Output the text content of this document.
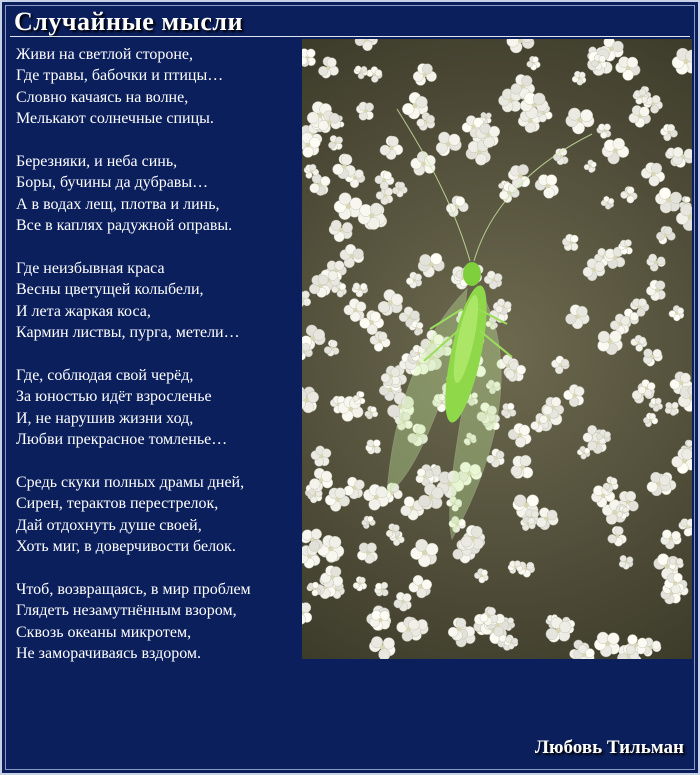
Случайные мысли
Живи на светлой стороне,
Где травы, бабочки и птицы…
Словно качаясь на волне,
Мелькают солнечные спицы.
Березняки, и неба синь,
Боры, бучины да дубравы…
А в водах лещ, плотва и линь,
Все в каплях радужной оправы.
Где неизбывная краса
Весны цветущей колыбели,
И лета жаркая коса,
Кармин листвы, пурга, метели…
Где, соблюдая свой черёд,
За юностью идёт взросленье
И, не нарушив жизни ход,
Любви прекрасное томленье…
Средь скуки полных драмы дней,
Сирен, терактов перестрелок,
Дай отдохнуть душе своей,
Хоть миг, в доверчивости белок.
Чтоб, возвращаясь, в мир проблем
Глядеть незамутнённым взором,
Сквозь океаны микротем,
Не заморачиваясь вздором.

Любовь Тильман
